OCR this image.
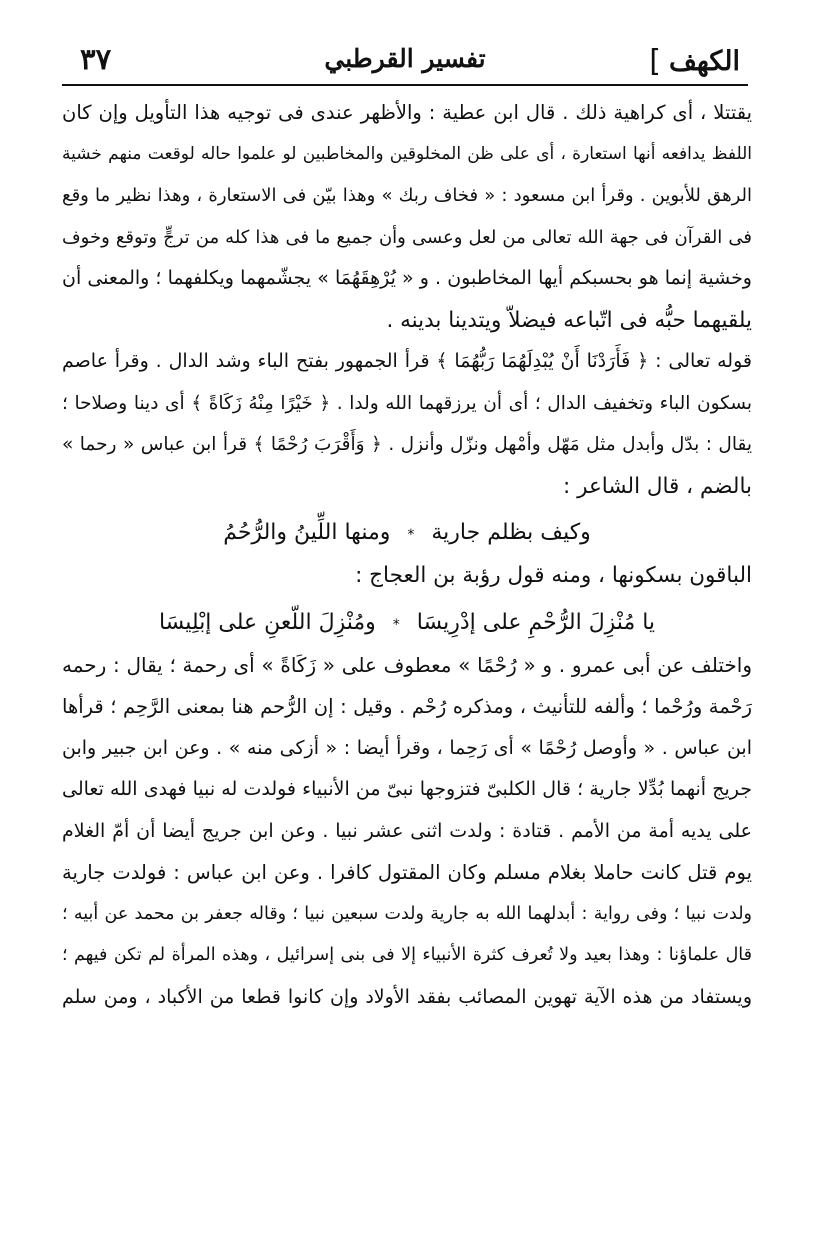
الكهف
]
تفسير القرطبي
٣٧
يقتتلا ، أى كراهية ذلك . قال ابن عطية : والأظهر عندى فى توجيه هذا التأويل وإن كان
اللفظ يدافعه أنها استعارة ، أى على ظن المخلوقين والمخاطبين لو علموا حاله لوقعت منهم خشية
الرهق للأبوين . وقرأ ابن مسعود : « فخاف ربك » وهذا بيّن فى الاستعارة ، وهذا نظير ما وقع
فى القرآن فى جهة الله تعالى من لعل وعسى وأن جميع ما فى هذا كله من ترجٍّ وتوقع وخوف
وخشية إنما هو بحسبكم أيها المخاطبون . و « يُرْهِقَهُمَا » يجشّمهما ويكلفهما ؛ والمعنى أن
يلقيهما حبُّه فى اتّباعه فيضلاّ ويتدينا بدينه .
قوله تعالى : ﴿ فَأَرَدْنَا أَنْ يُبْدِلَهُمَا رَبُّهُمَا ﴾ قرأ الجمهور بفتح الباء وشد الدال . وقرأ عاصم
بسكون الباء وتخفيف الدال ؛ أى أن يرزقهما الله ولدا . ﴿ خَيْرًا مِنْهُ زَكَاةً ﴾ أى دينا وصلاحا ؛
يقال : بدّل وأبدل مثل مَهّل وأمْهل ونزّل وأنزل . ﴿ وَأَقْرَبَ رُحْمًا ﴾ قرأ ابن عباس « رحما »
بالضم ، قال الشاعر :
وكيف بظلم جارية * ومنها اللِّينُ والرُّحُمُ
الباقون بسكونها ، ومنه قول رؤبة بن العجاج :
يا مُنْزِلَ الرُّحْمِ على إدْرِيسَا * ومُنْزِلَ اللّعنِ على إبْلِيسَا
واختلف عن أبى عمرو . و « رُحْمًا » معطوف على « زَكَاةً » أى رحمة ؛ يقال : رحمه
رَحْمة ورُحْما ؛ وألفه للتأنيث ، ومذكره رُحْم . وقيل : إن الرُّحم هنا بمعنى الرَّحِم ؛ قرأها
ابن عباس . « وأوصل رُحْمًا » أى رَحِما ، وقرأ أيضا : « أزكى منه » . وعن ابن جبير وابن
جريج أنهما بُدِّلا جارية ؛ قال الكلبىّ فتزوجها نبىّ من الأنبياء فولدت له نبيا فهدى الله تعالى
على يديه أمة من الأمم . قتادة : ولدت اثنى عشر نبيا . وعن ابن جريج أيضا أن أمّ الغلام
يوم قتل كانت حاملا بغلام مسلم وكان المقتول كافرا . وعن ابن عباس : فولدت جارية
ولدت نبيا ؛ وفى رواية : أبدلهما الله به جارية ولدت سبعين نبيا ؛ وقاله جعفر بن محمد عن أبيه ؛
قال علماؤنا : وهذا بعيد ولا تُعرف كثرة الأنبياء إلا فى بنى إسرائيل ، وهذه المرأة لم تكن فيهم ؛
ويستفاد من هذه الآية تهوين المصائب بفقد الأولاد وإن كانوا قطعا من الأكباد ، ومن سلم
